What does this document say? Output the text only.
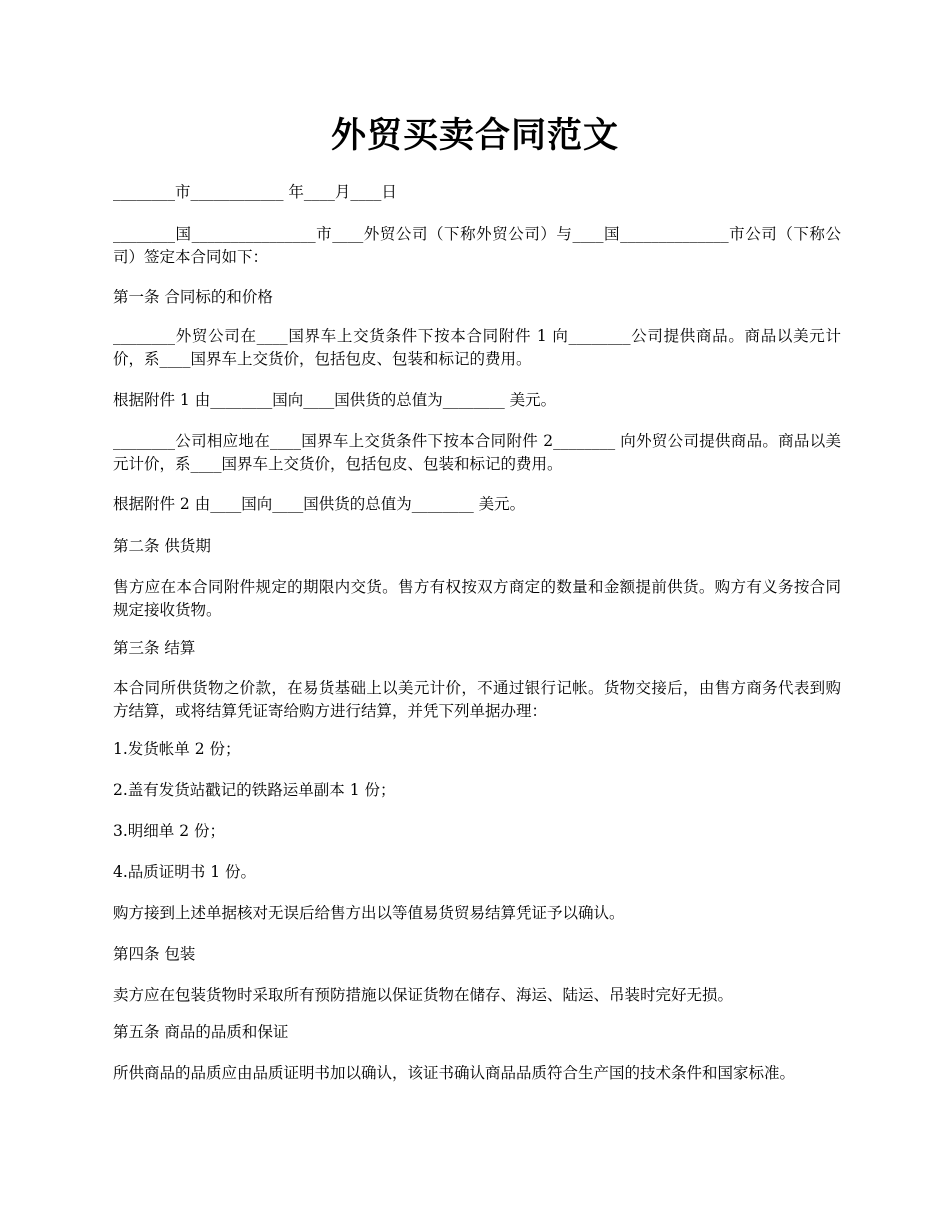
外贸买卖合同范文

________市____________ 年____月____日

________国________________市____外贸公司（下称外贸公司）与____国______________市公司（下称公司）签定本合同如下：

第一条 合同标的和价格

________外贸公司在____国界车上交货条件下按本合同附件 1 向________公司提供商品。商品以美元计价，系____国界车上交货价，包括包皮、包装和标记的费用。

根据附件 1 由________国向____国供货的总值为________ 美元。

________公司相应地在____国界车上交货条件下按本合同附件 2________ 向外贸公司提供商品。商品以美元计价，系____国界车上交货价，包括包皮、包装和标记的费用。

根据附件 2 由____国向____国供货的总值为________ 美元。

第二条 供货期

售方应在本合同附件规定的期限内交货。售方有权按双方商定的数量和金额提前供货。购方有义务按合同规定接收货物。

第三条 结算

本合同所供货物之价款，在易货基础上以美元计价，不通过银行记帐。货物交接后，由售方商务代表到购方结算，或将结算凭证寄给购方进行结算，并凭下列单据办理：

1.发货帐单 2 份；

2.盖有发货站戳记的铁路运单副本 1 份；

3.明细单 2 份；

4.品质证明书 1 份。

购方接到上述单据核对无误后给售方出以等值易货贸易结算凭证予以确认。

第四条 包装

卖方应在包装货物时采取所有预防措施以保证货物在储存、海运、陆运、吊装时完好无损。

第五条 商品的品质和保证

所供商品的品质应由品质证明书加以确认，该证书确认商品品质符合生产国的技术条件和国家标准。
